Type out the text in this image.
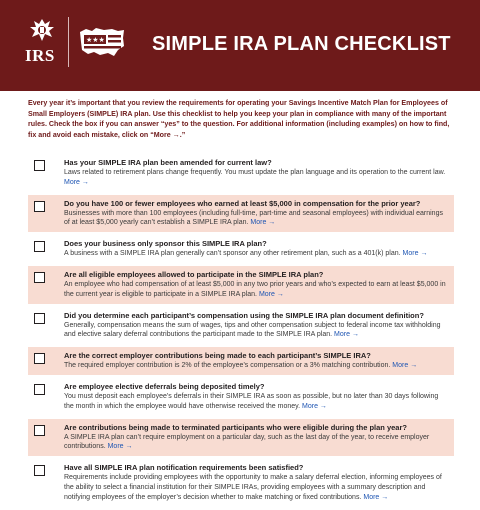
IRS
★★★ SIMPLE IRA PLAN CHECKLIST
Every year it’s important that you review the requirements for operating your Savings Incentive Match Plan for Employees of Small Employers (SIMPLE) IRA plan. Use this checklist to help you keep your plan in compliance with many of the important rules. Check the box if you can answer “yes” to the question. For additional information (including examples) on how to find, fix and avoid each mistake, click on “More →.”
Has your SIMPLE IRA plan been amended for current law?
Laws related to retirement plans change frequently. You must update the plan language and its operation to the current law. More →
Do you have 100 or fewer employees who earned at least $5,000 in compensation for the prior year?
Businesses with more than 100 employees (including full-time, part-time and seasonal employees) with individual earnings of at least $5,000 yearly can’t establish a SIMPLE IRA plan. More →
Does your business only sponsor this SIMPLE IRA plan?
A business with a SIMPLE IRA plan generally can’t sponsor any other retirement plan, such as a 401(k) plan. More →
Are all eligible employees allowed to participate in the SIMPLE IRA plan?
An employee who had compensation of at least $5,000 in any two prior years and who’s expected to earn at least $5,000 in the current year is eligible to participate in a SIMPLE IRA plan. More →
Did you determine each participant’s compensation using the SIMPLE IRA plan document definition?
Generally, compensation means the sum of wages, tips and other compensation subject to federal income tax withholding and elective salary deferral contributions the participant made to the SIMPLE IRA plan. More →
Are the correct employer contributions being made to each participant’s SIMPLE IRA?
The required employer contribution is 2% of the employee’s compensation or a 3% matching contribution. More →
Are employee elective deferrals being deposited timely?
You must deposit each employee’s deferrals in their SIMPLE IRA as soon as possible, but no later than 30 days following the month in which the employee would have otherwise received the money. More →
Are contributions being made to terminated participants who were eligible during the plan year?
A SIMPLE IRA plan can’t require employment on a particular day, such as the last day of the year, to receive employer contributions. More →
Have all SIMPLE IRA plan notification requirements been satisfied?
Requirements include providing employees with the opportunity to make a salary deferral election, informing employees of the ability to select a financial institution for their SIMPLE IRAs, providing employees with a summary description and notifying employees of the employer’s decision whether to make matching or fixed contributions. More →
